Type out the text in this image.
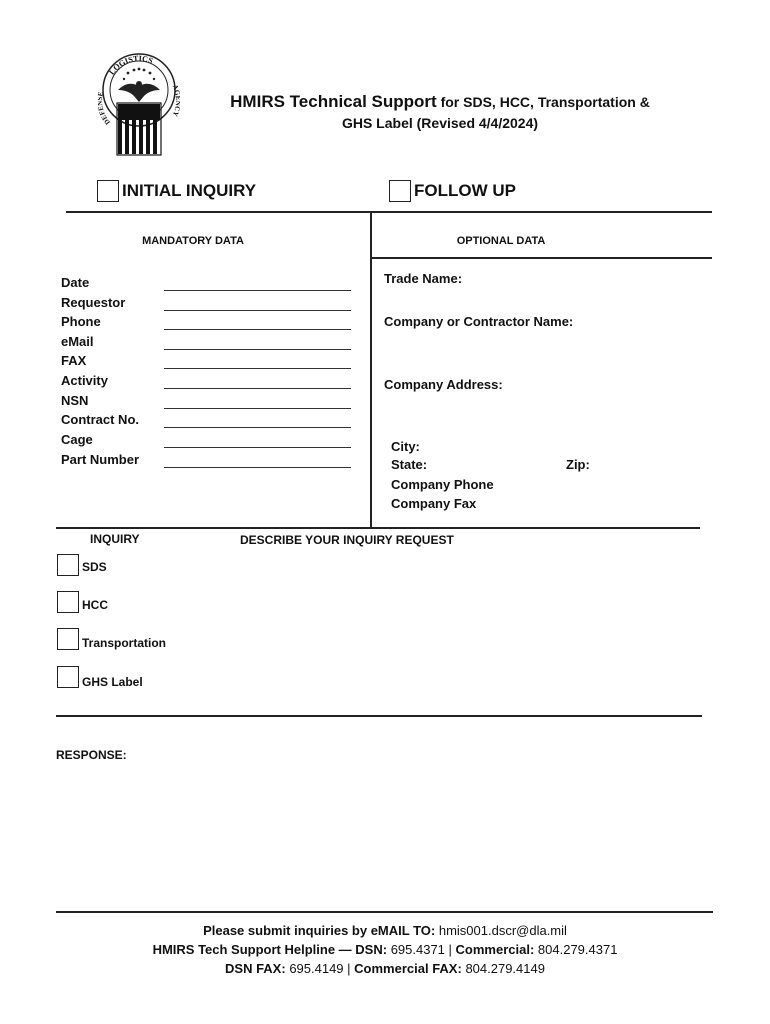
LOGISTICS
DEF
A Y
HMIRS Technical Support for SDS, HCC, Transportation &
GHS Label (Revised 4/4/2024)
INITIAL INQUIRY	FOLLOW UP
MANDATORY DATA	OPTIONAL DATA
Date
Requestor
Phone
eMail
FAX
Activity
NSN
Contract No.
Cage
Part Number
Trade Name:
Company or Contractor Name:
Company Address:
City:
State:	Zip:
Company Phone
Company Fax
INQUIRY	DESCRIBE YOUR INQUIRY REQUEST
SDS
HCC
Transportation
GHS Label
RESPONSE:
Please submit inquiries by eMAIL TO: hmis001.dscr@dla.mil
HMIRS Tech Support Helpline — DSN: 695.4371 | Commercial: 804.279.4371
DSN FAX: 695.4149 | Commercial FAX: 804.279.4149
